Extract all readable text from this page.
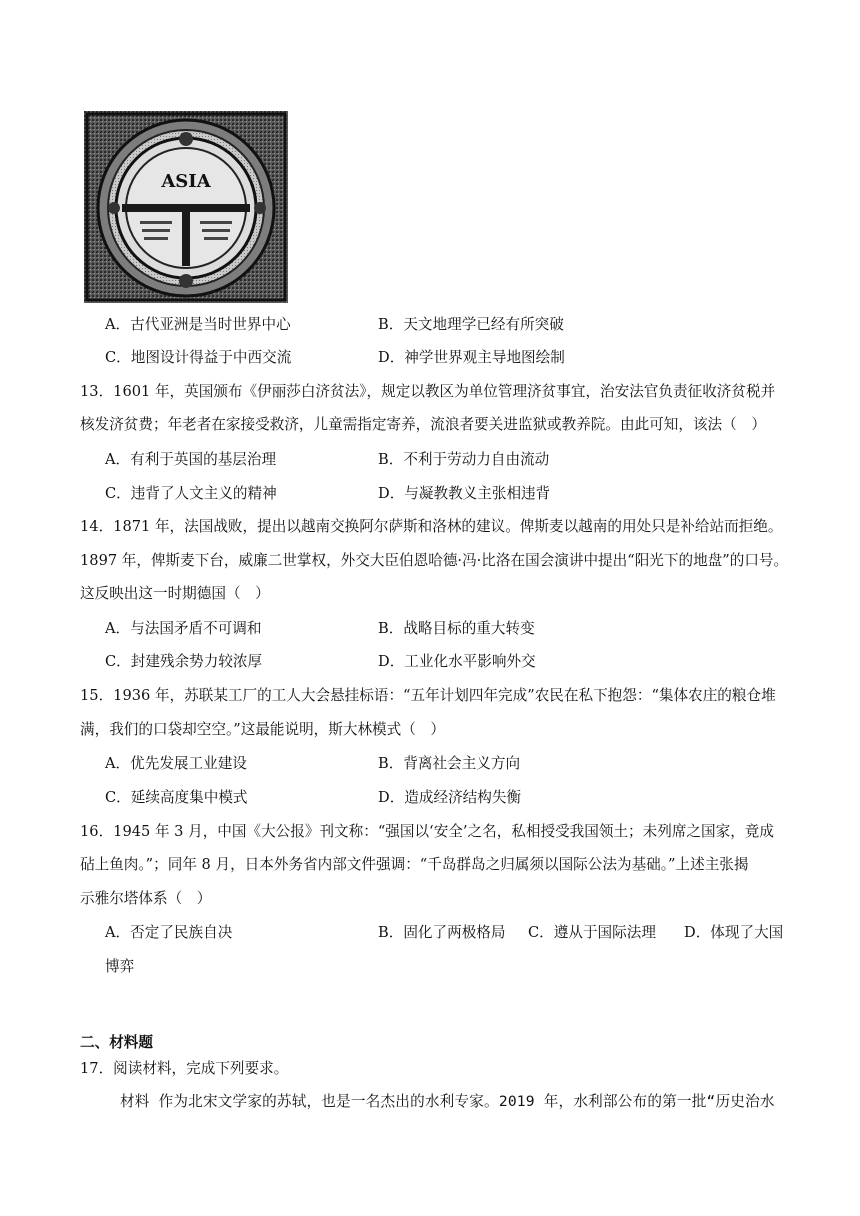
ASIA
A．古代亚洲是当时世界中心	B．天文地理学已经有所突破
C．地图设计得益于中西交流	D．神学世界观主导地图绘制
13．1601 年，英国颁布《伊丽莎白济贫法》，规定以教区为单位管理济贫事宜，治安法官负责征收济贫税并
核发济贫费；年老者在家接受救济，儿童需指定寄养，流浪者要关进监狱或教养院。由此可知，该法（　）
A．有利于英国的基层治理	B．不利于劳动力自由流动
C．违背了人文主义的精神	D．与凝教教义主张相违背
14．1871 年，法国战败，提出以越南交换阿尔萨斯和洛林的建议。俾斯麦以越南的用处只是补给站而拒绝。
1897 年，俾斯麦下台，威廉二世掌权，外交大臣伯恩哈德·冯·比洛在国会演讲中提出“阳光下的地盘”的口号。
这反映出这一时期德国（　）
A．与法国矛盾不可调和	B．战略目标的重大转变
C．封建残余势力较浓厚	D．工业化水平影响外交
15．1936 年，苏联某工厂的工人大会悬挂标语：“五年计划四年完成”农民在私下抱怨：“集体农庄的粮仓堆
满，我们的口袋却空空。”这最能说明，斯大林模式（　）
A．优先发展工业建设	B．背离社会主义方向
C．延续高度集中模式	D．造成经济结构失衡
16．1945 年 3 月，中国《大公报》刊文称：“强国以‘安全’之名，私相授受我国领土；未列席之国家，竟成
砧上鱼肉。”；同年 8 月，日本外务省内部文件强调：“千岛群岛之归属须以国际公法为基础。”上述主张揭
示雅尔塔体系（　）
A．否定了民族自决	B．固化了两极格局 C．遵从于国际法理 D．体现了大国
博弈
二、材料题
17．阅读材料，完成下列要求。
材料 作为北宋文学家的苏轼，也是一名杰出的水利专家。2019 年，水利部公布的第一批“历史治水
